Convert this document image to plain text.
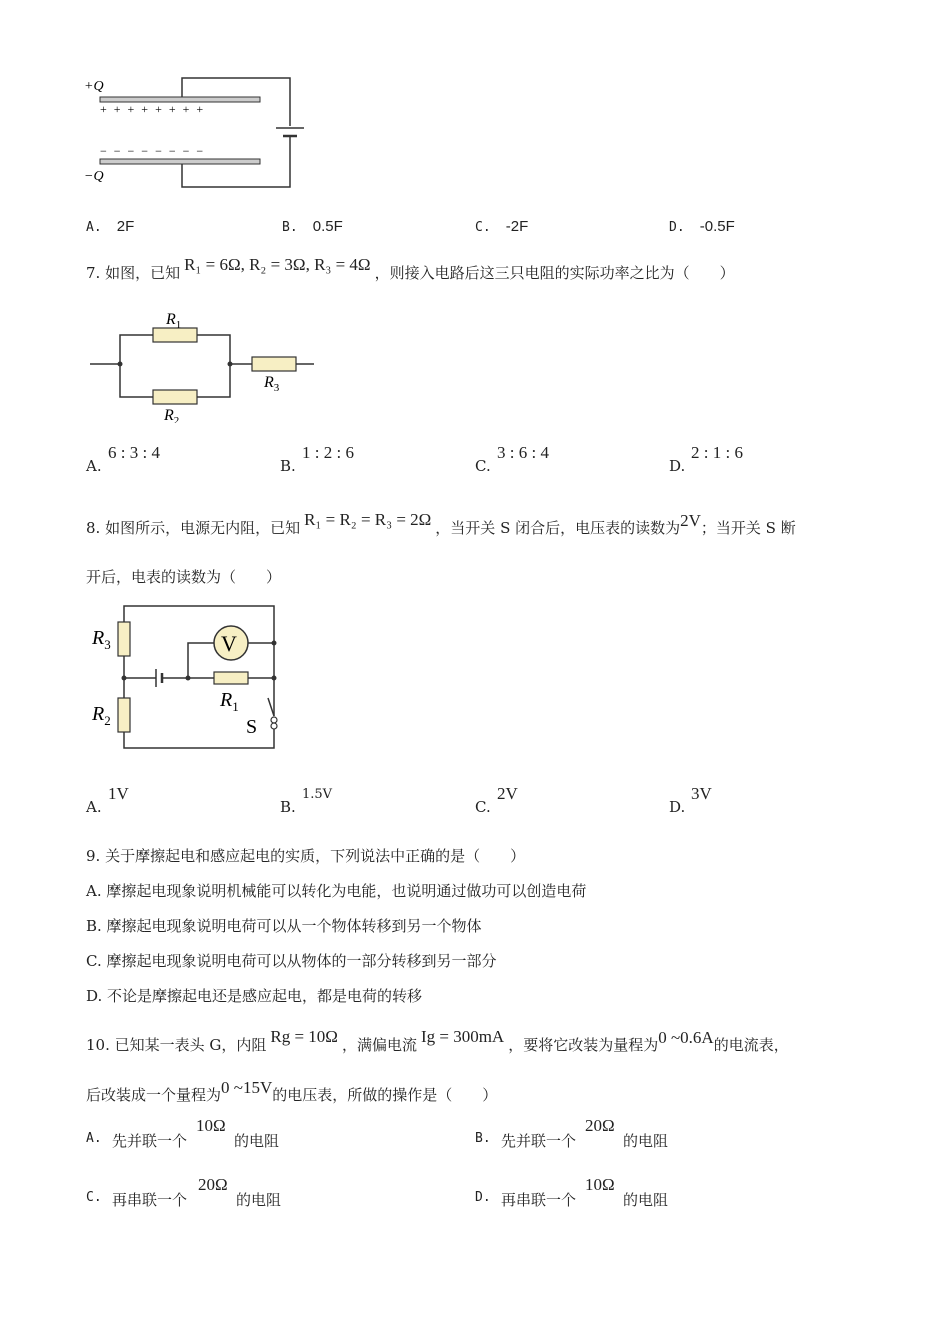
+Q
−Q
+ + + + + + + +
− − − − − − − −
A. 2F	B. 0.5F	C. -2F	D. -0.5F
7. 如图，已知 R₁ = 6Ω, R₂ = 3Ω, R₃ = 4Ω ，则接入电路后这三只电阻的实际功率之比为（　　）
$R_1$
$R_2$
$R_3$
A.
6 : 3 : 4
B.
1 : 2 : 6
C.
3 : 6 : 4
D.
2 : 1 : 6
8. 如图所示，电源无内阻，已知 R₁ = R₂ = R₃ = 2Ω ，当开关 S 闭合后，电压表的读数为2V；当开关 S 断
开后，电表的读数为（　　）
V
$R_3$
$R_2$
$R_1$
S
A.
1V
B.
1.5V
C.
2V
D.
3V
9. 关于摩擦起电和感应起电的实质，下列说法中正确的是（　　）
A. 摩擦起电现象说明机械能可以转化为电能，也说明通过做功可以创造电荷
B. 摩擦起电现象说明电荷可以从一个物体转移到另一个物体
C. 摩擦起电现象说明电荷可以从物体的一部分转移到另一部分
D. 不论是摩擦起电还是感应起电，都是电荷的转移
10. 已知某一表头 G，内阻 Rg = 10Ω ，满偏电流 Ig = 300mA ，要将它改装为量程为0 ~0.6A的电流表，
后改装成一个量程为0 ~15V的电压表，所做的操作是（　　）
A. 先并联一个
10Ω
的电阻	B. 先并联一个
20Ω
的电阻
C. 再串联一个
20Ω
的电阻	D. 再串联一个
10Ω
的电阻
